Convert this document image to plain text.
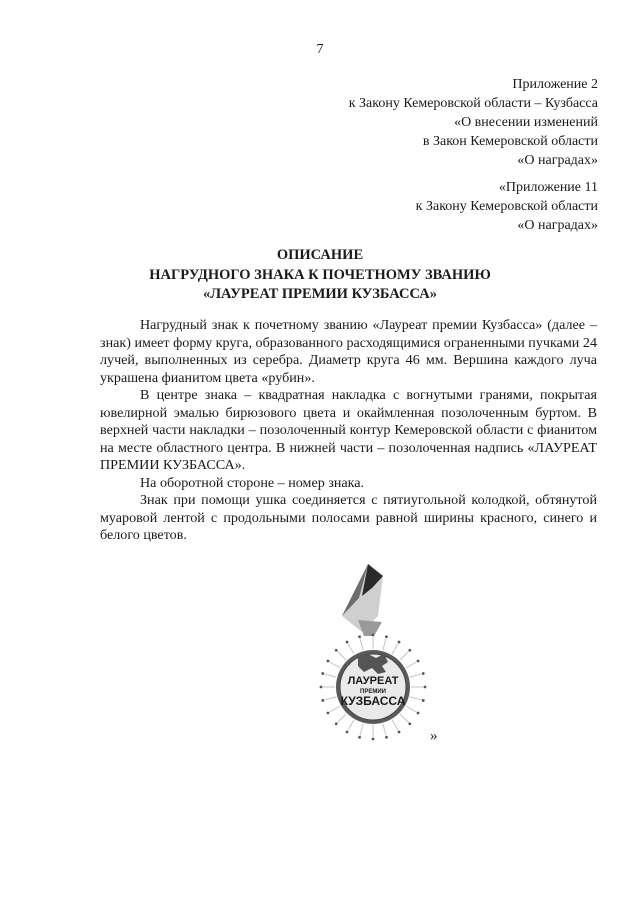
7
Приложение 2
к Закону Кемеровской области – Кузбасса
«О внесении изменений
в Закон Кемеровской области
«О наградах»
«Приложение 11
к Закону Кемеровской области
«О наградах»
ОПИСАНИЕ
НАГРУДНОГО ЗНАКА К ПОЧЕТНОМУ ЗВАНИЮ
«ЛАУРЕАТ ПРЕМИИ КУЗБАССА»

Нагрудный знак к почетному званию «Лауреат премии Кузбасса» (далее – знак) имеет форму круга, образованного расходящимися ограненными пучками 24 лучей, выполненных из серебра. Диаметр круга 46 мм. Вершина каждого луча украшена фианитом цвета «рубин».

В центре знака – квадратная накладка с вогнутыми гранями, покрытая ювелирной эмалью бирюзового цвета и окаймленная позолоченным буртом. В верхней части накладки – позолоченный контур Кемеровской области с фианитом на месте областного центра. В нижней части – позолоченная надпись «ЛАУРЕАТ ПРЕМИИ КУЗБАССА».

На оборотной стороне – номер знака.

Знак при помощи ушка соединяется с пятиугольной колодкой, обтянутой муаровой лентой с продольными полосами равной ширины красного, синего и белого цветов.

ЛАУРЕАТ
ПРЕМИИ
КУЗБАССА
»
